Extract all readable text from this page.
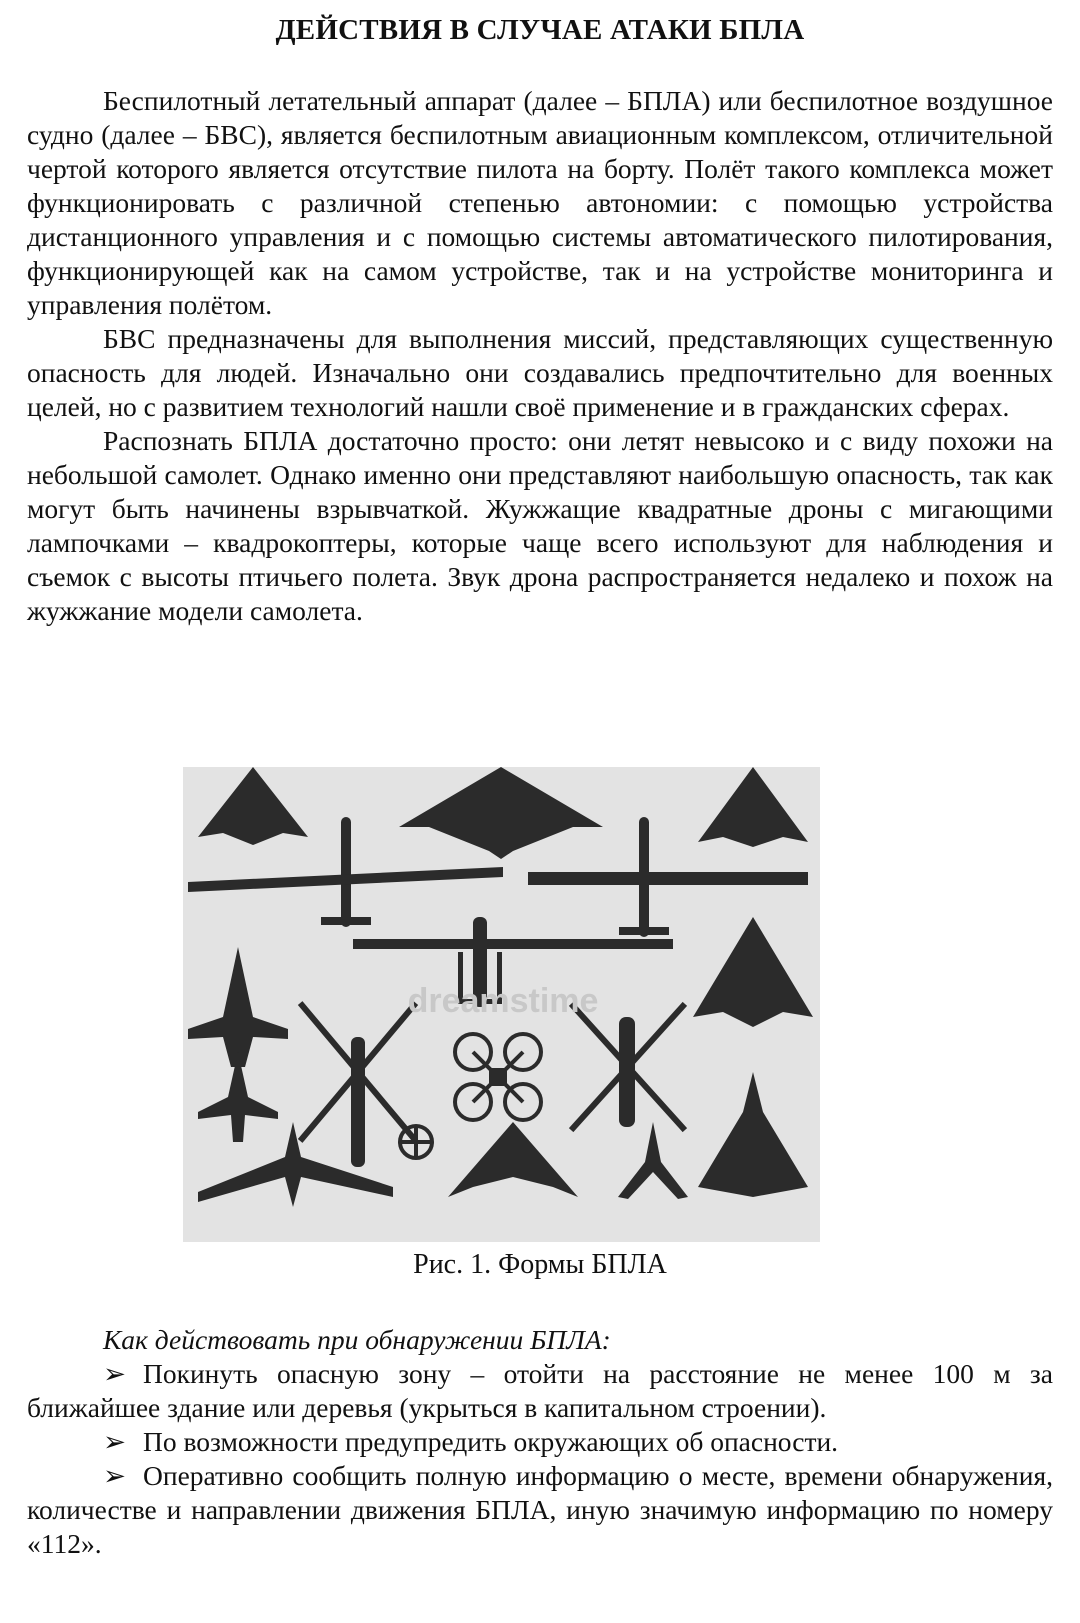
ДЕЙСТВИЯ В СЛУЧАЕ АТАКИ БПЛА

Беспилотный летательный аппарат (далее – БПЛА) или беспилотное воздушное судно (далее – БВС), является беспилотным авиационным комплексом, отличительной чертой которого является отсутствие пилота на борту. Полёт такого комплекса может функционировать с различной степенью автономии: с помощью устройства дистанционного управления и с помощью системы автоматического пилотирования, функционирующей как на самом устройстве, так и на устройстве мониторинга и управления полётом.

БВС предназначены для выполнения миссий, представляющих существенную опасность для людей. Изначально они создавались предпочтительно для военных целей, но с развитием технологий нашли своё применение и в гражданских сферах.

Распознать БПЛА достаточно просто: они летят невысоко и с виду похожи на небольшой самолет. Однако именно они представляют наибольшую опасность, так как могут быть начинены взрывчаткой. Жужжащие квадратные дроны с мигающими лампочками – квадрокоптеры, которые чаще всего используют для наблюдения и съемок с высоты птичьего полета. Звук дрона распространяется недалеко и похож на жужжание модели самолета.

dreamstime
Рис. 1. Формы БПЛА

Как действовать при обнаружении БПЛА:

➢ Покинуть опасную зону – отойти на расстояние не менее 100 м за ближайшее здание или деревья (укрыться в капитальном строении).

➢ По возможности предупредить окружающих об опасности.

➢ Оперативно сообщить полную информацию о месте, времени обнаружения, количестве и направлении движения БПЛА, иную значимую информацию по номеру «112».
